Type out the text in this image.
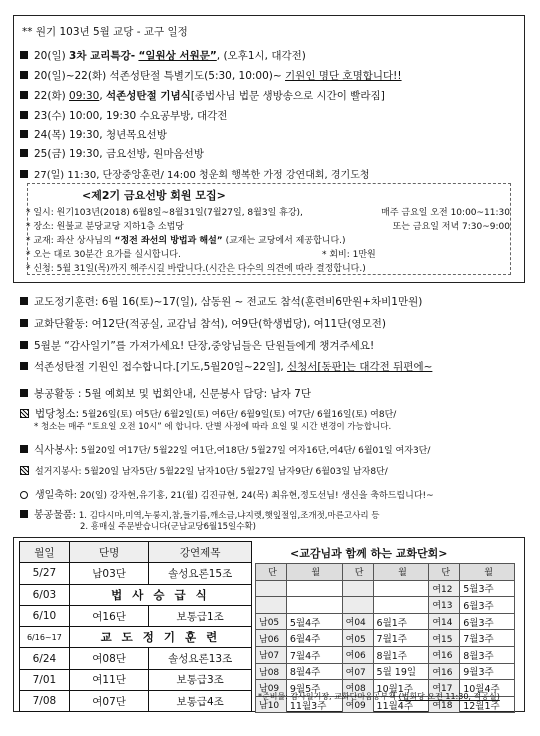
** 원기 103년 5월 교당 - 교구 일정
20(일) 3차 교리특강- “일원상 서원문”, (오후1시, 대각전)
20(일)~22(화) 석존성탄절 특별기도(5:30, 10:00)~ 기원인 명단 호명합니다!!
22(화) 09:30, 석존성탄절 기념식[종법사님 법문 생방송으로 시간이 빨라짐]
23(수) 10:00, 19:30 수요공부방, 대각전
24(목) 19:30, 청년목요선방
25(금) 19:30, 금요선방, 원마음선방
27(일) 11:30, 단장중앙훈련/ 14:00 청운회 행복한 가정 강연대회, 경기도청
<제2기 금요선방 회원 모집>
* 일시: 원기103년(2018) 6월8일~8월31일(7월27일, 8월3일 휴강),	매주 금요일 오전 10:00~11:30
* 장소: 원불교 분당교당 지하1층 소법당	또는 금요일 저녁 7:30~9:00
* 교재: 좌산 상사님의 “정전 좌선의 방법과 해설” (교재는 교당에서 제공합니다.)
* 오는 대로 30분간 요가를 실시합니다.	* 회비: 1만원
* 신청: 5월 31일(목)까지 해주시길 바랍니다.(시간은 다수의 의견에 따라 결정합니다.)
교도정기훈련: 6월 16(토)~17(일), 삼동원 ~ 전교도 참석(훈련비6만원+차비1만원)
교화단활동: 여12단(적공실, 교감님 참석), 여9단(학생법당), 여11단(영모전)
5월분 “감사일기”를 가져가세요! 단장,중앙님들은 단원들에게 챙겨주세요!
석존성탄절 기원인 접수합니다.[기도,5월20일~22일], 신청서[동판]는 대각전 뒤편에~
봉공활동 : 5월 예회보 및 법회안내, 신문봉사 담당: 남자 7단
법당청소: 5월26일(토) 여5단/ 6월2일(토) 여6단/ 6월9일(토) 여7단/ 6월16일(토) 여8단/
* 청소는 매주 “토요일 오전 10시” 에 합니다. 단별 사정에 따라 요일 및 시간 변경이 가능합니다.
식사봉사: 5월20일 여17단/ 5월22일 여1단,여18단/ 5월27일 여자16단,여4단/ 6월01일 여자3단/
설거지봉사: 5월20일 남자5단/ 5월22일 남자10단/ 5월27일 남자9단/ 6월03일 남자8단/
생일축하: 20(일) 강자현,유기홍, 21(월) 김진규현, 24(목) 최유현,정도선님! 생신을 축하드립니다!~
봉공물품: 1. 김다시마,미역,누룽지,참,들기름,깨소금,냐지렛,햇잎절임,조개젓,마른고사리 등
2. 흥매실 주문받습니다(군남교당6월15일수확)
월일	단명	강연제목
5/27	남03단	솔성요론15조
6/03	법 사 승 급 식	
6/10	여16단	보통급1조
6/16~17	교 도 정 기 훈 련	
6/24	여08단	솔성요론13조
7/01	여11단	보통급3조
7/08	여07단	보통급4조
<교감님과 함께 하는 교화단회>
단	월	단	월	단	월
				여12	5월3주
				여13	6월3주
남05	5월4주	여04	6월1주	여14	6월3주
남06	6월4주	여05	7월1주	여15	7월3주
남07	7월4주	여06	8월1주	여16	8월3주
남08	8월4주	여07	5월 19일	여16	9월3주
남09	9월5주	여08	10월1주	여17	10월4주
남10	11월3주	여09	11월4주	여18	12월1주
*준비물: 감사일기장, 교화단마음공부책 (법회당 오전 11:30, 적공실)
